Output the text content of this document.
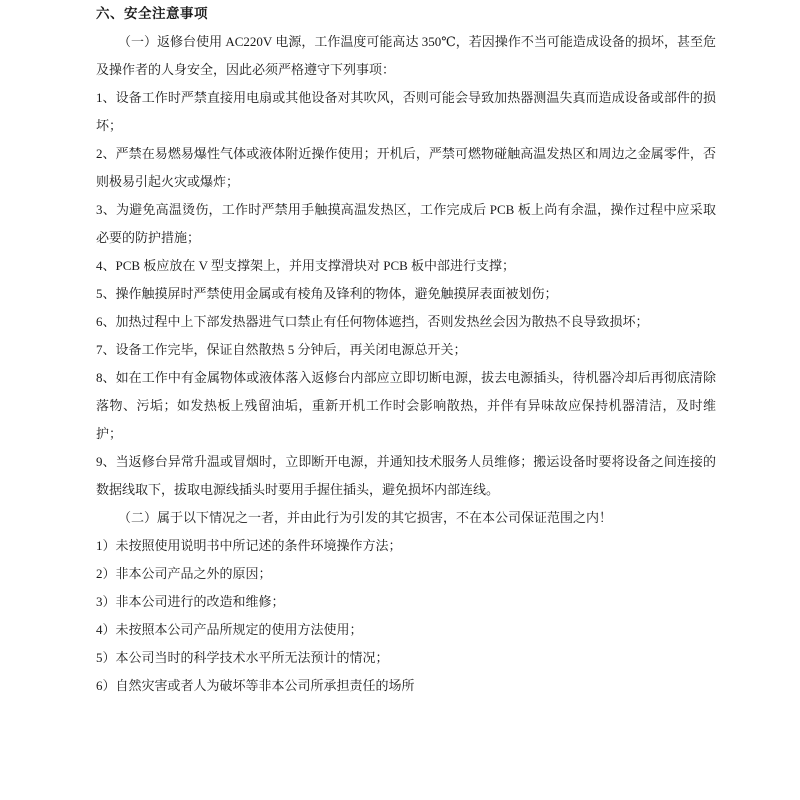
六、安全注意事项

（一）返修台使用 AC220V 电源，工作温度可能高达 350℃，若因操作不当可能造成设备的损坏，甚至危及操作者的人身安全，因此必须严格遵守下列事项：

1、设备工作时严禁直接用电扇或其他设备对其吹风，否则可能会导致加热器测温失真而造成设备或部件的损坏；

2、严禁在易燃易爆性气体或液体附近操作使用；开机后，严禁可燃物碰触高温发热区和周边之金属零件，否则极易引起火灾或爆炸；

3、为避免高温烫伤，工作时严禁用手触摸高温发热区，工作完成后 PCB 板上尚有余温，操作过程中应采取必要的防护措施；

4、PCB 板应放在 V 型支撑架上，并用支撑滑块对 PCB 板中部进行支撑；

5、操作触摸屏时严禁使用金属或有棱角及锋利的物体，避免触摸屏表面被划伤；

6、加热过程中上下部发热器进气口禁止有任何物体遮挡，否则发热丝会因为散热不良导致损坏；

7、设备工作完毕，保证自然散热 5 分钟后，再关闭电源总开关；

8、如在工作中有金属物体或液体落入返修台内部应立即切断电源，拔去电源插头，待机器冷却后再彻底清除落物、污垢；如发热板上残留油垢，重新开机工作时会影响散热，并伴有异味故应保持机器清洁，及时维护；

9、当返修台异常升温或冒烟时，立即断开电源，并通知技术服务人员维修；搬运设备时要将设备之间连接的数据线取下，拔取电源线插头时要用手握住插头，避免损坏内部连线。

（二）属于以下情况之一者，并由此行为引发的其它损害，不在本公司保证范围之内！

1）未按照使用说明书中所记述的条件环境操作方法；

2）非本公司产品之外的原因；

3）非本公司进行的改造和维修；

4）未按照本公司产品所规定的使用方法使用；

5）本公司当时的科学技术水平所无法预计的情况；

6）自然灾害或者人为破坏等非本公司所承担责任的场所
